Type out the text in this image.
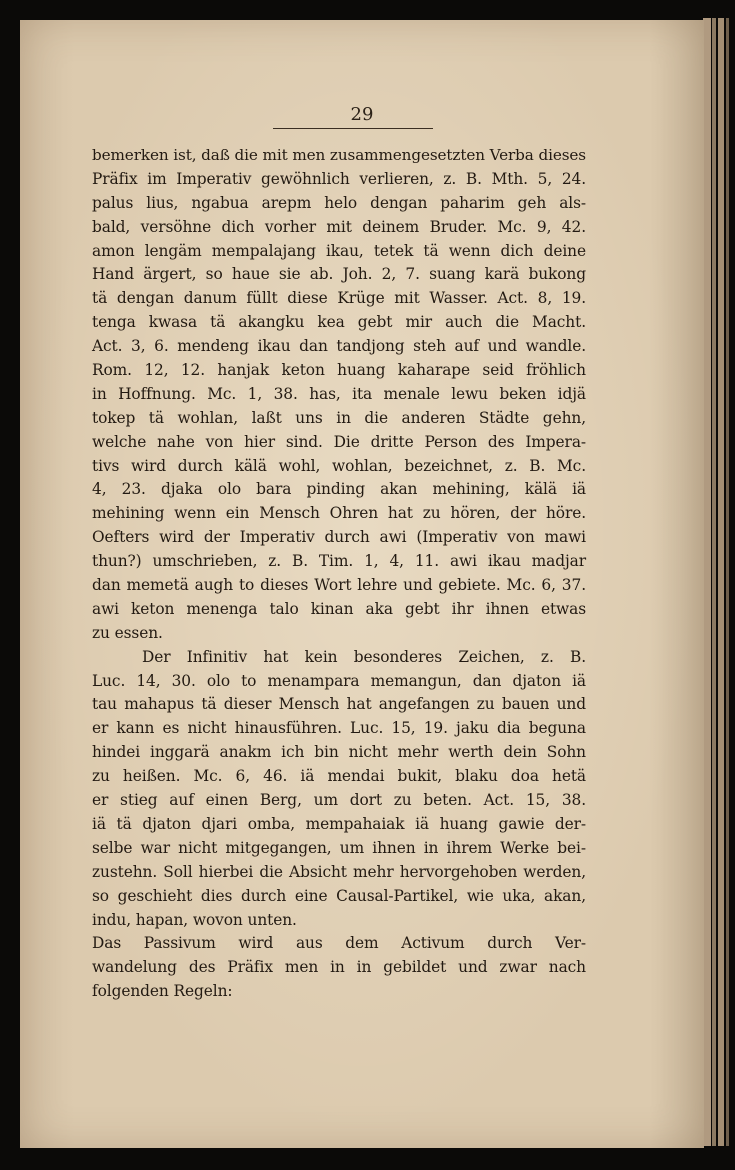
29
bemerken ist, daß die mit men zusammengesetzten Verba dieses
Präfix im Imperativ gewöhnlich verlieren, z. B. Mth. 5, 24.
palus lius, ngabua arepm helo dengan paharim geh als-
bald, versöhne dich vorher mit deinem Bruder. Mc. 9, 42.
amon lengäm mempalajang ikau, tetek tä wenn dich deine
Hand ärgert, so haue sie ab. Joh. 2, 7. suang karä bukong
tä dengan danum füllt diese Krüge mit Wasser. Act. 8, 19.
tenga kwasa tä akangku kea gebt mir auch die Macht.
Act. 3, 6. mendeng ikau dan tandjong steh auf und wandle.
Rom. 12, 12. hanjak keton huang kaharape seid fröhlich
in Hoffnung. Mc. 1, 38. has, ita menale lewu beken idjä
tokep tä wohlan, laßt uns in die anderen Städte gehn,
welche nahe von hier sind. Die dritte Person des Impera-
tivs wird durch kälä wohl, wohlan, bezeichnet, z. B. Mc.
4, 23. djaka olo bara pinding akan mehining, kälä iä
mehining wenn ein Mensch Ohren hat zu hören, der höre.
Oefters wird der Imperativ durch awi (Imperativ von mawi
thun?) umschrieben, z. B. Tim. 1, 4, 11. awi ikau madjar
dan memetä augh to dieses Wort lehre und gebiete. Mc. 6, 37.
awi keton menenga talo kinan aka gebt ihr ihnen etwas
zu essen.
Der Infinitiv hat kein besonderes Zeichen, z. B.
Luc. 14, 30. olo to menampara memangun, dan djaton iä
tau mahapus tä dieser Mensch hat angefangen zu bauen und
er kann es nicht hinausführen. Luc. 15, 19. jaku dia beguna
hindei inggarä anakm ich bin nicht mehr werth dein Sohn
zu heißen. Mc. 6, 46. iä mendai bukit, blaku doa hetä
er stieg auf einen Berg, um dort zu beten. Act. 15, 38.
iä tä djaton djari omba, mempahaiak iä huang gawie der-
selbe war nicht mitgegangen, um ihnen in ihrem Werke bei-
zustehn. Soll hierbei die Absicht mehr hervorgehoben werden,
so geschieht dies durch eine Causal-Partikel, wie uka, akan,
indu, hapan, wovon unten.
Das Passivum wird aus dem Activum durch Ver-
wandelung des Präfix men in in gebildet und zwar nach
folgenden Regeln:
